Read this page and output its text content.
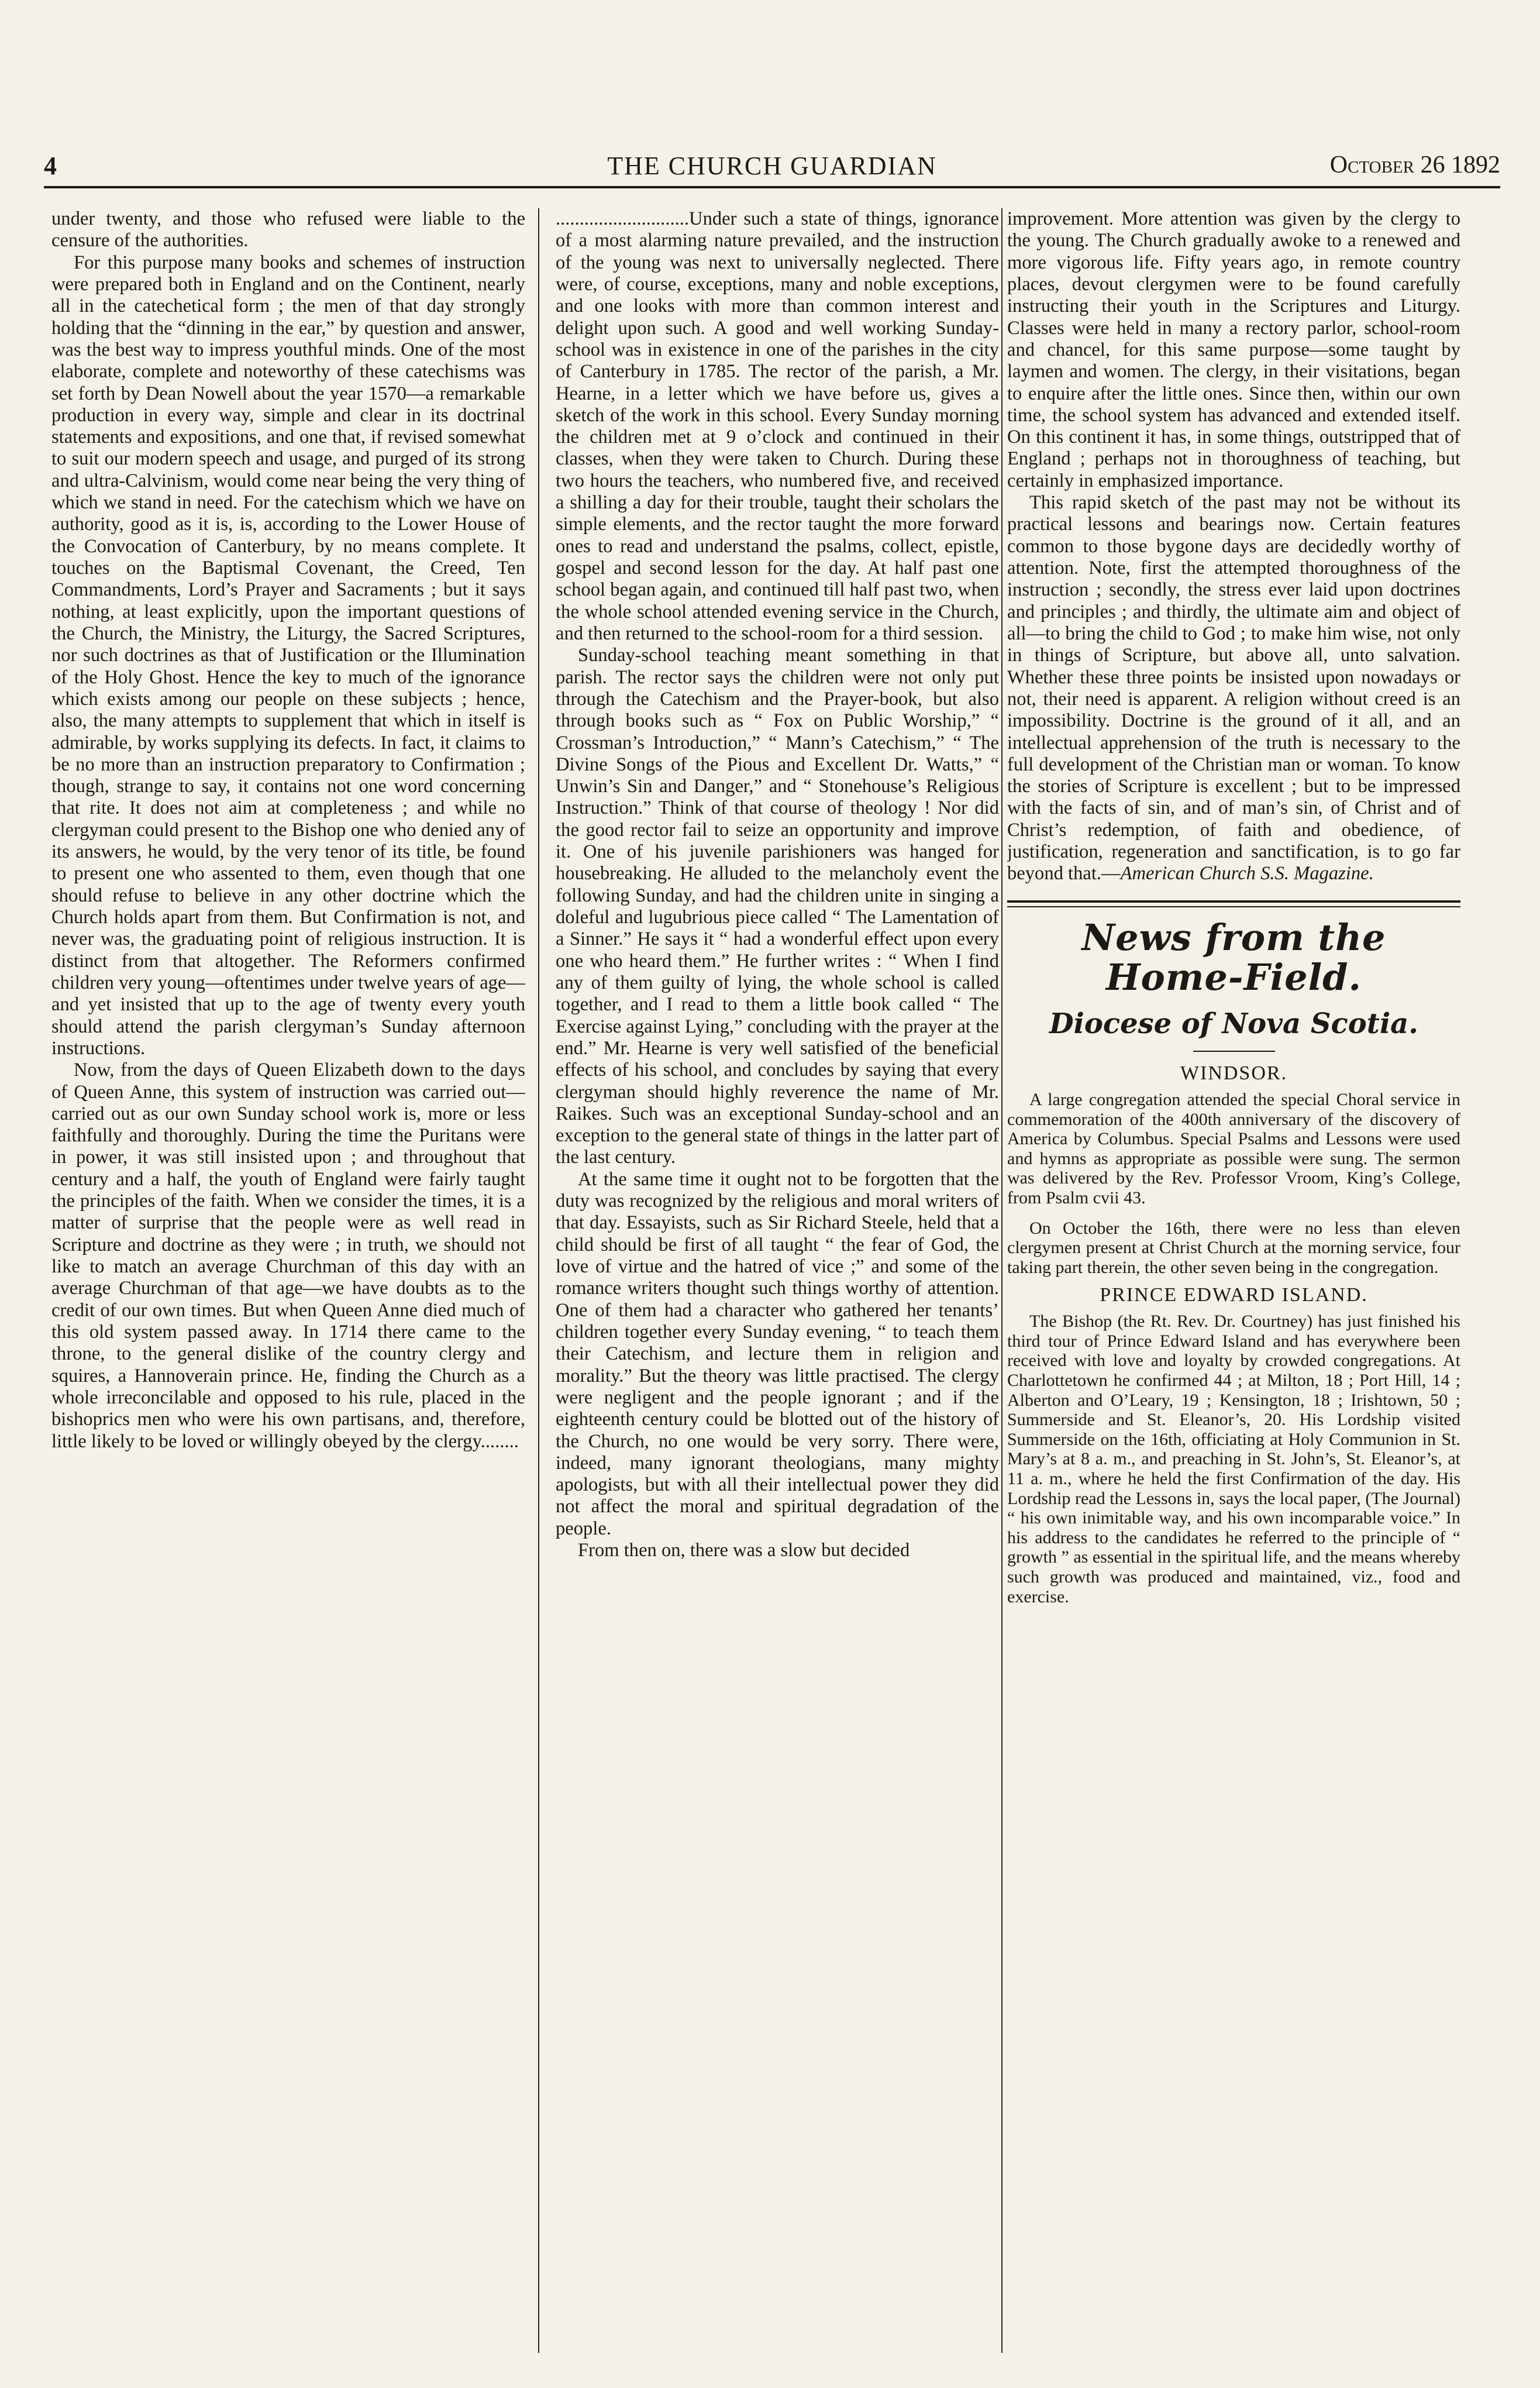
4	THE CHURCH GUARDIAN	October 26 1892

under twenty, and those who refused were liable to the censure of the authorities.

For this purpose many books and schemes of instruction were prepared both in England and on the Continent, nearly all in the catechetical form ; the men of that day strongly holding that the “dinning in the ear,” by question and answer, was the best way to impress youthful minds. One of the most elaborate, complete and noteworthy of these catechisms was set forth by Dean Nowell about the year 1570—a remarkable production in every way, simple and clear in its doctrinal statements and expositions, and one that, if revised somewhat to suit our modern speech and usage, and purged of its strong and ultra-Calvinism, would come near being the very thing of which we stand in need. For the catechism which we have on authority, good as it is, is, according to the Lower House of the Convocation of Canterbury, by no means complete. It touches on the Baptismal Covenant, the Creed, Ten Commandments, Lord’s Prayer and Sacraments ; but it says nothing, at least explicitly, upon the important questions of the Church, the Ministry, the Liturgy, the Sacred Scriptures, nor such doctrines as that of Justification or the Illumination of the Holy Ghost. Hence the key to much of the ignorance which exists among our people on these subjects ; hence, also, the many attempts to supplement that which in itself is admirable, by works supplying its defects. In fact, it claims to be no more than an instruction preparatory to Confirmation ; though, strange to say, it contains not one word concerning that rite. It does not aim at completeness ; and while no clergyman could present to the Bishop one who denied any of its answers, he would, by the very tenor of its title, be found to present one who assented to them, even though that one should refuse to believe in any other doctrine which the Church holds apart from them. But Confirmation is not, and never was, the graduating point of religious instruction. It is distinct from that altogether. The Reformers confirmed children very young—oftentimes under twelve years of age—and yet insisted that up to the age of twenty every youth should attend the parish clergyman’s Sunday afternoon instructions.

Now, from the days of Queen Elizabeth down to the days of Queen Anne, this system of instruction was carried out—carried out as our own Sunday school work is, more or less faithfully and thoroughly. During the time the Puritans were in power, it was still insisted upon ; and throughout that century and a half, the youth of England were fairly taught the principles of the faith. When we consider the times, it is a matter of surprise that the people were as well read in Scripture and doctrine as they were ; in truth, we should not like to match an average Churchman of this day with an average Churchman of that age—we have doubts as to the credit of our own times. But when Queen Anne died much of this old system passed away. In 1714 there came to the throne, to the general dislike of the country clergy and squires, a Hannoverain prince. He, finding the Church as a whole irreconcilable and opposed to his rule, placed in the bishoprics men who were his own partisans, and, therefore, little likely to be loved or willingly obeyed by the clergy........

............................Under such a state of things, ignorance of a most alarming nature prevailed, and the instruction of the young was next to universally neglected. There were, of course, exceptions, many and noble exceptions, and one looks with more than common interest and delight upon such. A good and well working Sunday-school was in existence in one of the parishes in the city of Canterbury in 1785. The rector of the parish, a Mr. Hearne, in a letter which we have before us, gives a sketch of the work in this school. Every Sunday morning the children met at 9 o’clock and continued in their classes, when they were taken to Church. During these two hours the teachers, who numbered five, and received a shilling a day for their trouble, taught their scholars the simple elements, and the rector taught the more forward ones to read and understand the psalms, collect, epistle, gospel and second lesson for the day. At half past one school began again, and continued till half past two, when the whole school attended evening service in the Church, and then returned to the school-room for a third session.

Sunday-school teaching meant something in that parish. The rector says the children were not only put through the Catechism and the Prayer-book, but also through books such as “ Fox on Public Worship,” “ Crossman’s Introduction,” “ Mann’s Catechism,” “ The Divine Songs of the Pious and Excellent Dr. Watts,” “ Unwin’s Sin and Danger,” and “ Stonehouse’s Religious Instruction.” Think of that course of theology ! Nor did the good rector fail to seize an opportunity and improve it. One of his juvenile parishioners was hanged for housebreaking. He alluded to the melancholy event the following Sunday, and had the children unite in singing a doleful and lugubrious piece called “ The Lamentation of a Sinner.” He says it “ had a wonderful effect upon every one who heard them.” He further writes : “ When I find any of them guilty of lying, the whole school is called together, and I read to them a little book called “ The Exercise against Lying,” concluding with the prayer at the end.” Mr. Hearne is very well satisfied of the beneficial effects of his school, and concludes by saying that every clergyman should highly reverence the name of Mr. Raikes. Such was an exceptional Sunday-school and an exception to the general state of things in the latter part of the last century.

At the same time it ought not to be forgotten that the duty was recognized by the religious and moral writers of that day. Essayists, such as Sir Richard Steele, held that a child should be first of all taught “ the fear of God, the love of virtue and the hatred of vice ;” and some of the romance writers thought such things worthy of attention. One of them had a character who gathered her tenants’ children together every Sunday evening, “ to teach them their Catechism, and lecture them in religion and morality.” But the theory was little practised. The clergy were negligent and the people ignorant ; and if the eighteenth century could be blotted out of the history of the Church, no one would be very sorry. There were, indeed, many ignorant theologians, many mighty apologists, but with all their intellectual power they did not affect the moral and spiritual degradation of the people.

From then on, there was a slow but decided

improvement. More attention was given by the clergy to the young. The Church gradually awoke to a renewed and more vigorous life. Fifty years ago, in remote country places, devout clergymen were to be found carefully instructing their youth in the Scriptures and Liturgy. Classes were held in many a rectory parlor, school-room and chancel, for this same purpose—some taught by laymen and women. The clergy, in their visitations, began to enquire after the little ones. Since then, within our own time, the school system has advanced and extended itself. On this continent it has, in some things, outstripped that of England ; perhaps not in thoroughness of teaching, but certainly in emphasized importance.

This rapid sketch of the past may not be without its practical lessons and bearings now. Certain features common to those bygone days are decidedly worthy of attention. Note, first the attempted thoroughness of the instruction ; secondly, the stress ever laid upon doctrines and principles ; and thirdly, the ultimate aim and object of all—to bring the child to God ; to make him wise, not only in things of Scripture, but above all, unto salvation. Whether these three points be insisted upon nowadays or not, their need is apparent. A religion without creed is an impossibility. Doctrine is the ground of it all, and an intellectual apprehension of the truth is necessary to the full development of the Christian man or woman. To know the stories of Scripture is excellent ; but to be impressed with the facts of sin, and of man’s sin, of Christ and of Christ’s redemption, of faith and obedience, of justification, regeneration and sanctification, is to go far beyond that.—American Church S.S. Magazine.

News from the Home-Field.
Diocese of Nova Scotia.
WINDSOR.

A large congregation attended the special Choral service in commemoration of the 400th anniversary of the discovery of America by Columbus. Special Psalms and Lessons were used and hymns as appropriate as possible were sung. The sermon was delivered by the Rev. Professor Vroom, King’s College, from Psalm cvii 43.

On October the 16th, there were no less than eleven clergymen present at Christ Church at the morning service, four taking part therein, the other seven being in the congregation.

PRINCE EDWARD ISLAND.

The Bishop (the Rt. Rev. Dr. Courtney) has just finished his third tour of Prince Edward Island and has everywhere been received with love and loyalty by crowded congregations. At Charlottetown he confirmed 44 ; at Milton, 18 ; Port Hill, 14 ; Alberton and O’Leary, 19 ; Kensington, 18 ; Irishtown, 50 ; Summerside and St. Eleanor’s, 20. His Lordship visited Summerside on the 16th, officiating at Holy Communion in St. Mary’s at 8 a. m., and preaching in St. John’s, St. Eleanor’s, at 11 a. m., where he held the first Confirmation of the day. His Lordship read the Lessons in, says the local paper, (The Journal) “ his own inimitable way, and his own incomparable voice.” In his address to the candidates he referred to the principle of “ growth ” as essential in the spiritual life, and the means whereby such growth was produced and maintained, viz., food and exercise.
